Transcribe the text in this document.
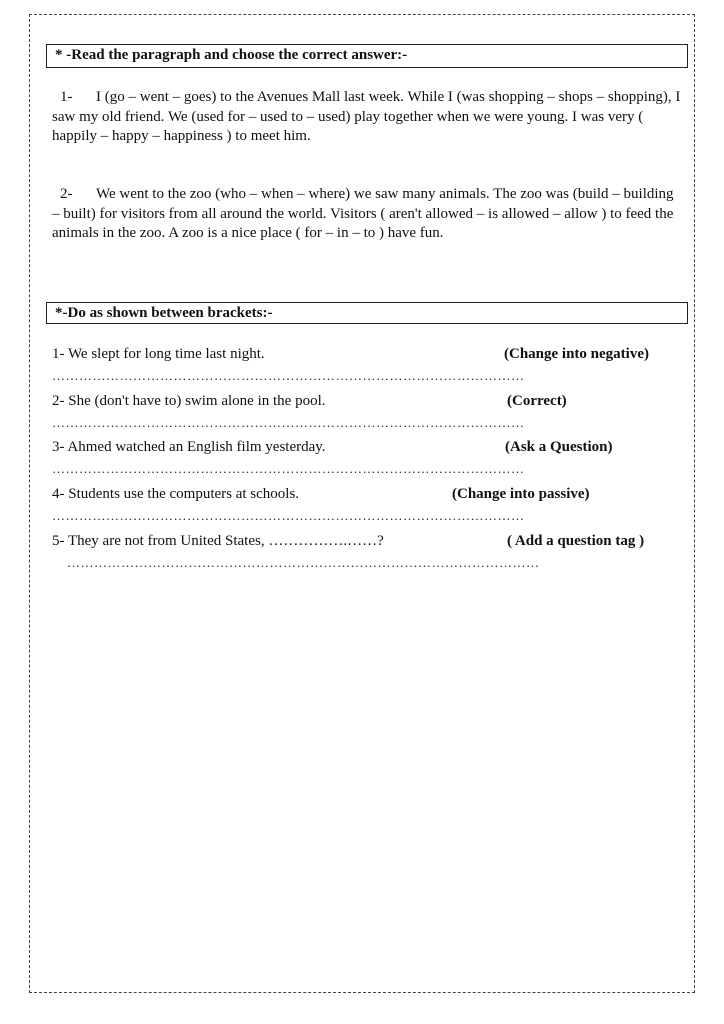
* -Read the paragraph and choose the correct answer:-
1- I (go – went – goes) to the Avenues Mall last week. While I (was shopping – shops – shopping), I saw my old friend. We (used for – used to – used) play together when we were young. I was very ( happily – happy – happiness ) to meet him.
2- We went to the zoo (who – when – where) we saw many animals. The zoo was (build – building – built) for visitors from all around the world. Visitors ( aren't allowed – is allowed – allow ) to feed the animals in the zoo. A zoo is a nice place ( for – in – to ) have fun.
*-Do as shown between brackets:-
1- We slept for long time last night.	(Change into negative)
……………………………………………………………………………………………
2- She (don't have to) swim alone in the pool.	(Correct)
……………………………………………………………………………………………
3- Ahmed watched an English film yesterday.	(Ask a Question)
……………………………………………………………………………………………
4- Students use the computers at schools.	(Change into passive)
……………………………………………………………………………………………
5- They are not from United States, …………….……?	( Add a question tag )
……………………………………………………………………………………………
